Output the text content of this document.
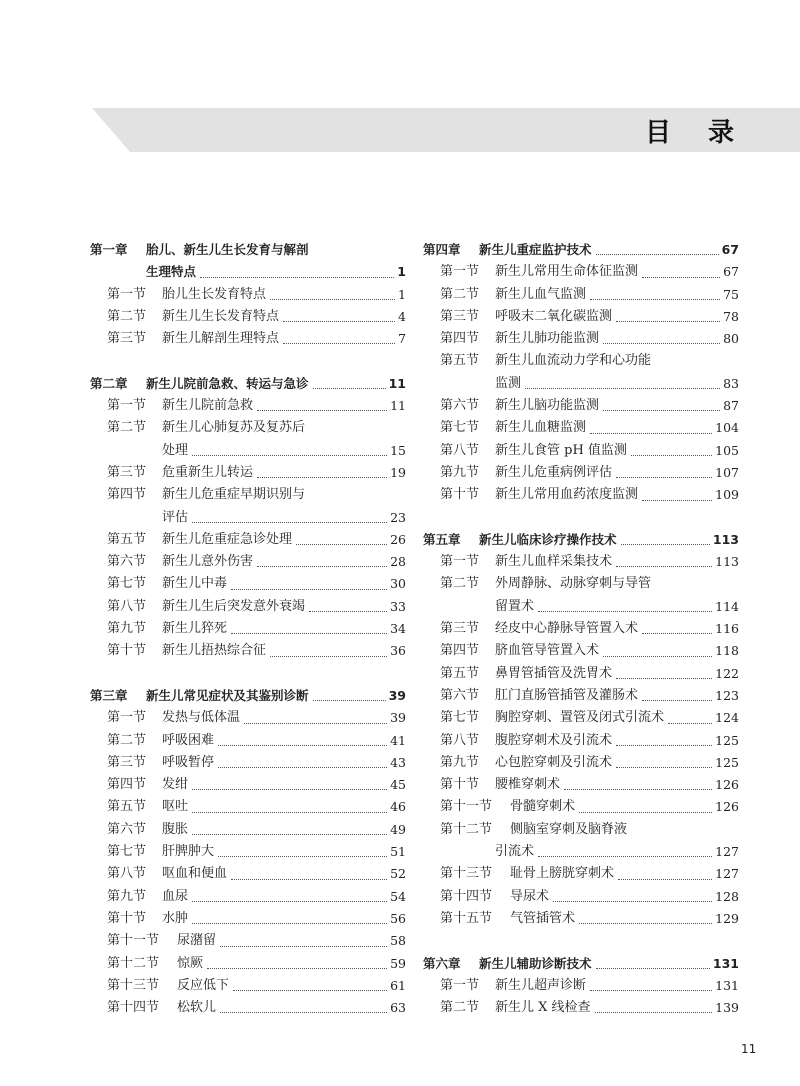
目 录
第一章	胎儿、新生儿生长发育与解剖
生理特点	1
第一节	胎儿生长发育特点	1
第二节	新生儿生长发育特点	4
第三节	新生儿解剖生理特点	7
第二章	新生儿院前急救、转运与急诊	11
第一节	新生儿院前急救	11
第二节	新生儿心肺复苏及复苏后
处理	15
第三节	危重新生儿转运	19
第四节	新生儿危重症早期识别与
评估	23
第五节	新生儿危重症急诊处理	26
第六节	新生儿意外伤害	28
第七节	新生儿中毒	30
第八节	新生儿生后突发意外衰竭	33
第九节	新生儿猝死	34
第十节	新生儿捂热综合征	36
第三章	新生儿常见症状及其鉴别诊断	39
第一节	发热与低体温	39
第二节	呼吸困难	41
第三节	呼吸暂停	43
第四节	发绀	45
第五节	呕吐	46
第六节	腹胀	49
第七节	肝脾肿大	51
第八节	呕血和便血	52
第九节	血尿	54
第十节	水肿	56
第十一节	尿潴留	58
第十二节	惊厥	59
第十三节	反应低下	61
第十四节	松软儿	63
第四章	新生儿重症监护技术	67
第一节	新生儿常用生命体征监测	67
第二节	新生儿血气监测	75
第三节	呼吸末二氧化碳监测	78
第四节	新生儿肺功能监测	80
第五节	新生儿血流动力学和心功能
监测	83
第六节	新生儿脑功能监测	87
第七节	新生儿血糖监测	104
第八节	新生儿食管 pH 值监测	105
第九节	新生儿危重病例评估	107
第十节	新生儿常用血药浓度监测	109
第五章	新生儿临床诊疗操作技术	113
第一节	新生儿血样采集技术	113
第二节	外周静脉、动脉穿刺与导管
留置术	114
第三节	经皮中心静脉导管置入术	116
第四节	脐血管导管置入术	118
第五节	鼻胃管插管及洗胃术	122
第六节	肛门直肠管插管及灌肠术	123
第七节	胸腔穿刺、置管及闭式引流术	124
第八节	腹腔穿刺术及引流术	125
第九节	心包腔穿刺及引流术	125
第十节	腰椎穿刺术	126
第十一节	骨髓穿刺术	126
第十二节	侧脑室穿刺及脑脊液
引流术	127
第十三节	耻骨上膀胱穿刺术	127
第十四节	导尿术	128
第十五节	气管插管术	129
第六章	新生儿辅助诊断技术	131
第一节	新生儿超声诊断	131
第二节	新生儿 X 线检查	139
11
